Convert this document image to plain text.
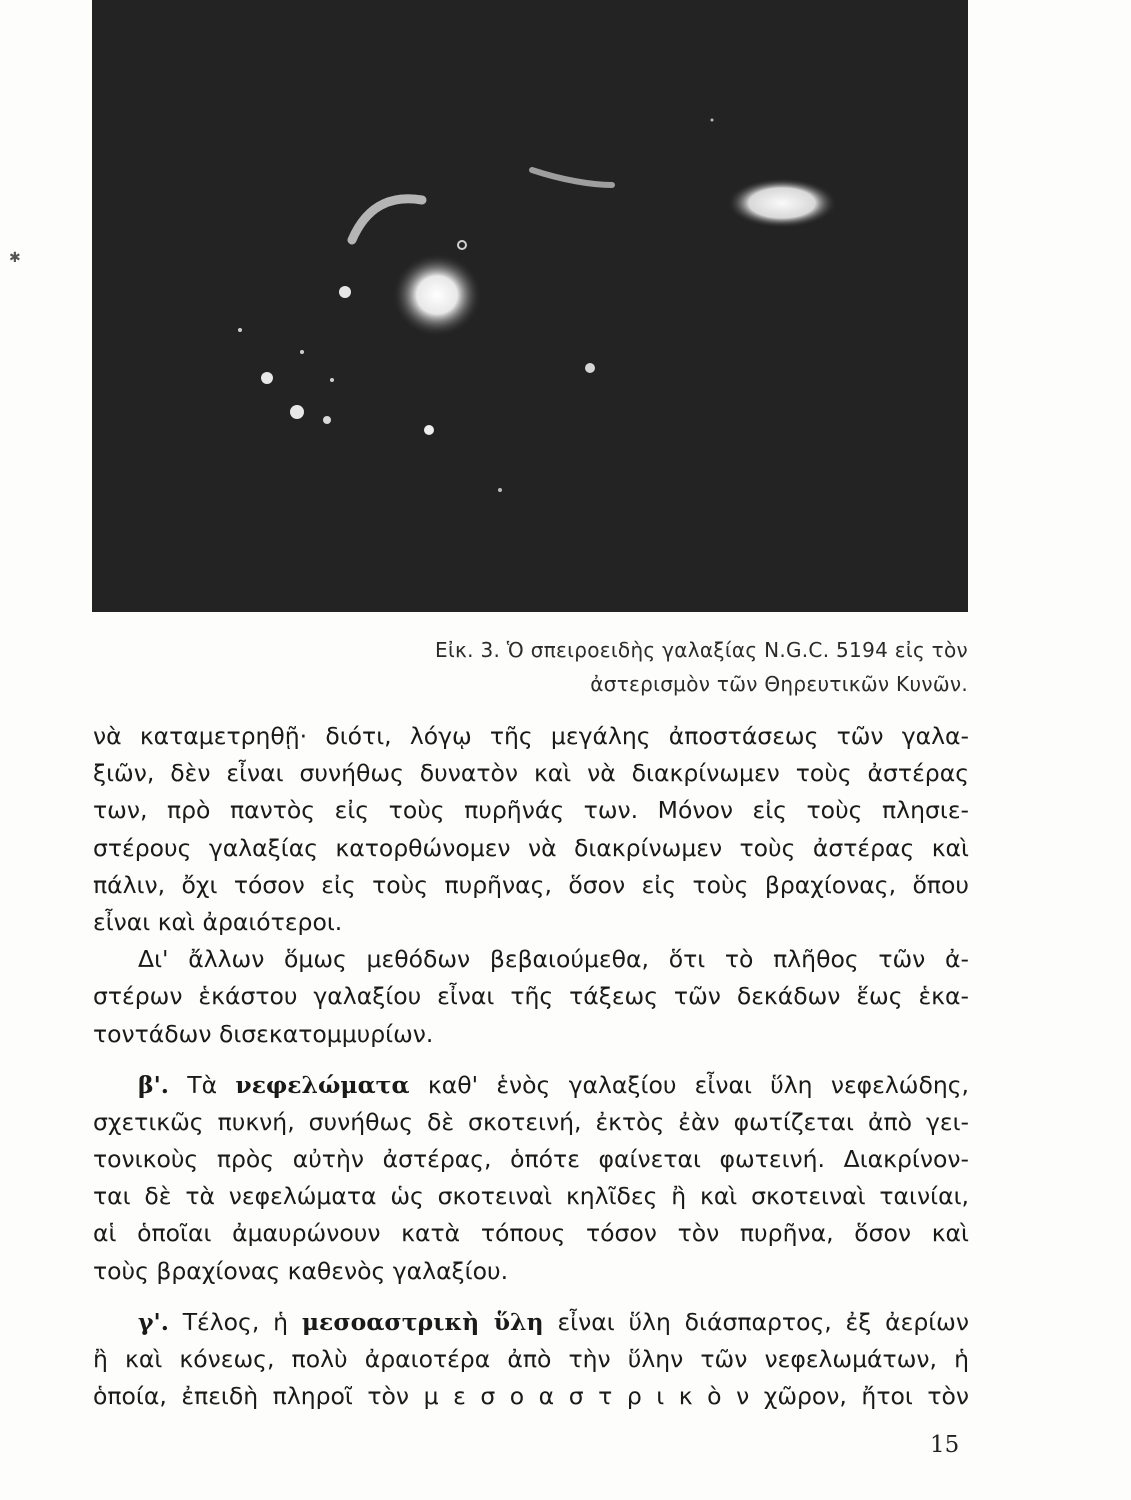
✱
Εἰκ. 3. Ὁ σπειροειδὴς γαλαξίας N.G.C. 5194 εἰς τὸν
ἀστερισμὸν τῶν Θηρευτικῶν Κυνῶν.
νὰ καταμετρηθῇ· διότι, λόγῳ τῆς μεγάλης ἀποστάσεως τῶν γαλα-
ξιῶν, δὲν εἶναι συνήθως δυνατὸν καὶ νὰ διακρίνωμεν τοὺς ἀστέρας
των, πρὸ παντὸς εἰς τοὺς πυρῆνάς των. Μόνον εἰς τοὺς πλησιε-
στέρους γαλαξίας κατορθώνομεν νὰ διακρίνωμεν τοὺς ἀστέρας καὶ
πάλιν, ὄχι τόσον εἰς τοὺς πυρῆνας, ὅσον εἰς τοὺς βραχίονας, ὅπου
εἶναι καὶ ἀραιότεροι.
Δι' ἄλλων ὅμως μεθόδων βεβαιούμεθα, ὅτι τὸ πλῆθος τῶν ἀ-
στέρων ἑκάστου γαλαξίου εἶναι τῆς τάξεως τῶν δεκάδων ἕως ἑκα-
τοντάδων δισεκατομμυρίων.
β'. Τὰ νεφελώματα καθ' ἑνὸς γαλαξίου εἶναι ὕλη νεφελώδης,
σχετικῶς πυκνή, συνήθως δὲ σκοτεινή, ἐκτὸς ἐὰν φωτίζεται ἀπὸ γει-
τονικοὺς πρὸς αὐτὴν ἀστέρας, ὁπότε φαίνεται φωτεινή. Διακρίνον-
ται δὲ τὰ νεφελώματα ὡς σκοτειναὶ κηλῖδες ἢ καὶ σκοτειναὶ ταινίαι,
αἱ ὁποῖαι ἀμαυρώνουν κατὰ τόπους τόσον τὸν πυρῆνα, ὅσον καὶ
τοὺς βραχίονας καθενὸς γαλαξίου.
γ'. Τέλος, ἡ μεσοαστρικὴ ὕλη εἶναι ὕλη διάσπαρτος, ἐξ ἀερίων
ἢ καὶ κόνεως, πολὺ ἀραιοτέρα ἀπὸ τὴν ὕλην τῶν νεφελωμάτων, ἡ
ὁποία, ἐπειδὴ πληροῖ τὸν μ ε σ ο α σ τ ρ ι κ ὸ ν χῶρον, ἤτοι τὸν
15
